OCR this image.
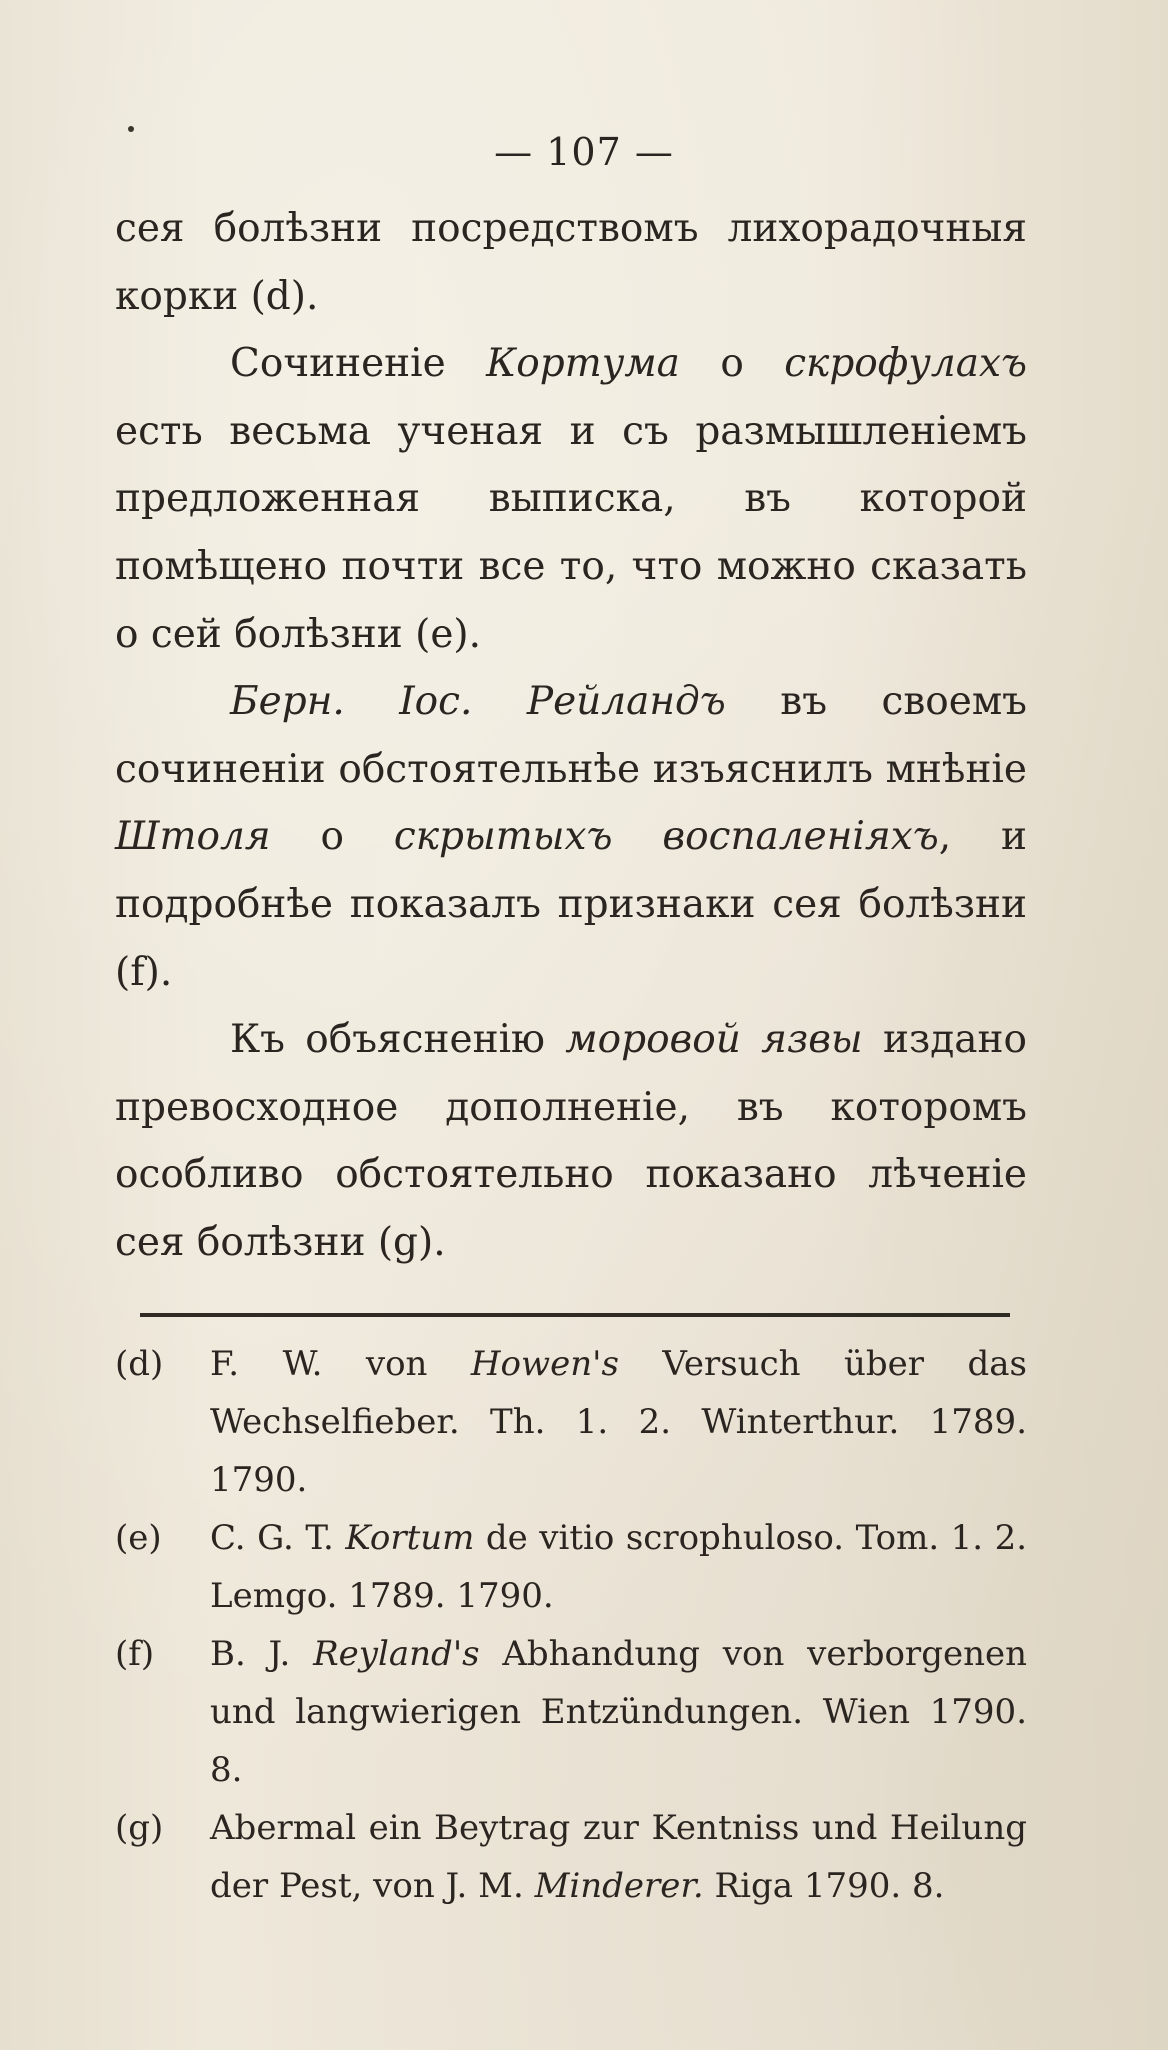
— 107 —

сея болѣзни посредствомъ лихорадочныя корки (d).

Сочиненіе Кортума о скрофулахъ есть весьма ученая и съ размышленіемъ предложенная выписка, въ которой помѣщено почти все то, что можно сказать о сей болѣзни (е).

Берн. Іос. Рейландъ въ своемъ сочиненіи обстоятельнѣе изъяснилъ мнѣніе Штоля о скрытыхъ воспаленіяхъ, и подробнѣе показалъ признаки сея болѣзни (f).

Къ объясненію моровой язвы издано превосходное дополненіе, въ которомъ особливо обстоятельно показано лѣченіе сея болѣзни (g).

(d)	F. W. von Howen's Versuch über das Wechselfieber. Th. 1. 2. Winterthur. 1789. 1790.
(e)	C. G. T. Kortum de vitio scrophuloso. Tom. 1. 2. Lemgo. 1789. 1790.
(f)	B. J. Reyland's Abhandung von verborgenen und langwierigen Entzündungen. Wien 1790. 8.
(g)	Abermal ein Beytrag zur Kentniss und Heilung der Pest, von J. M. Minderer. Riga 1790. 8.
